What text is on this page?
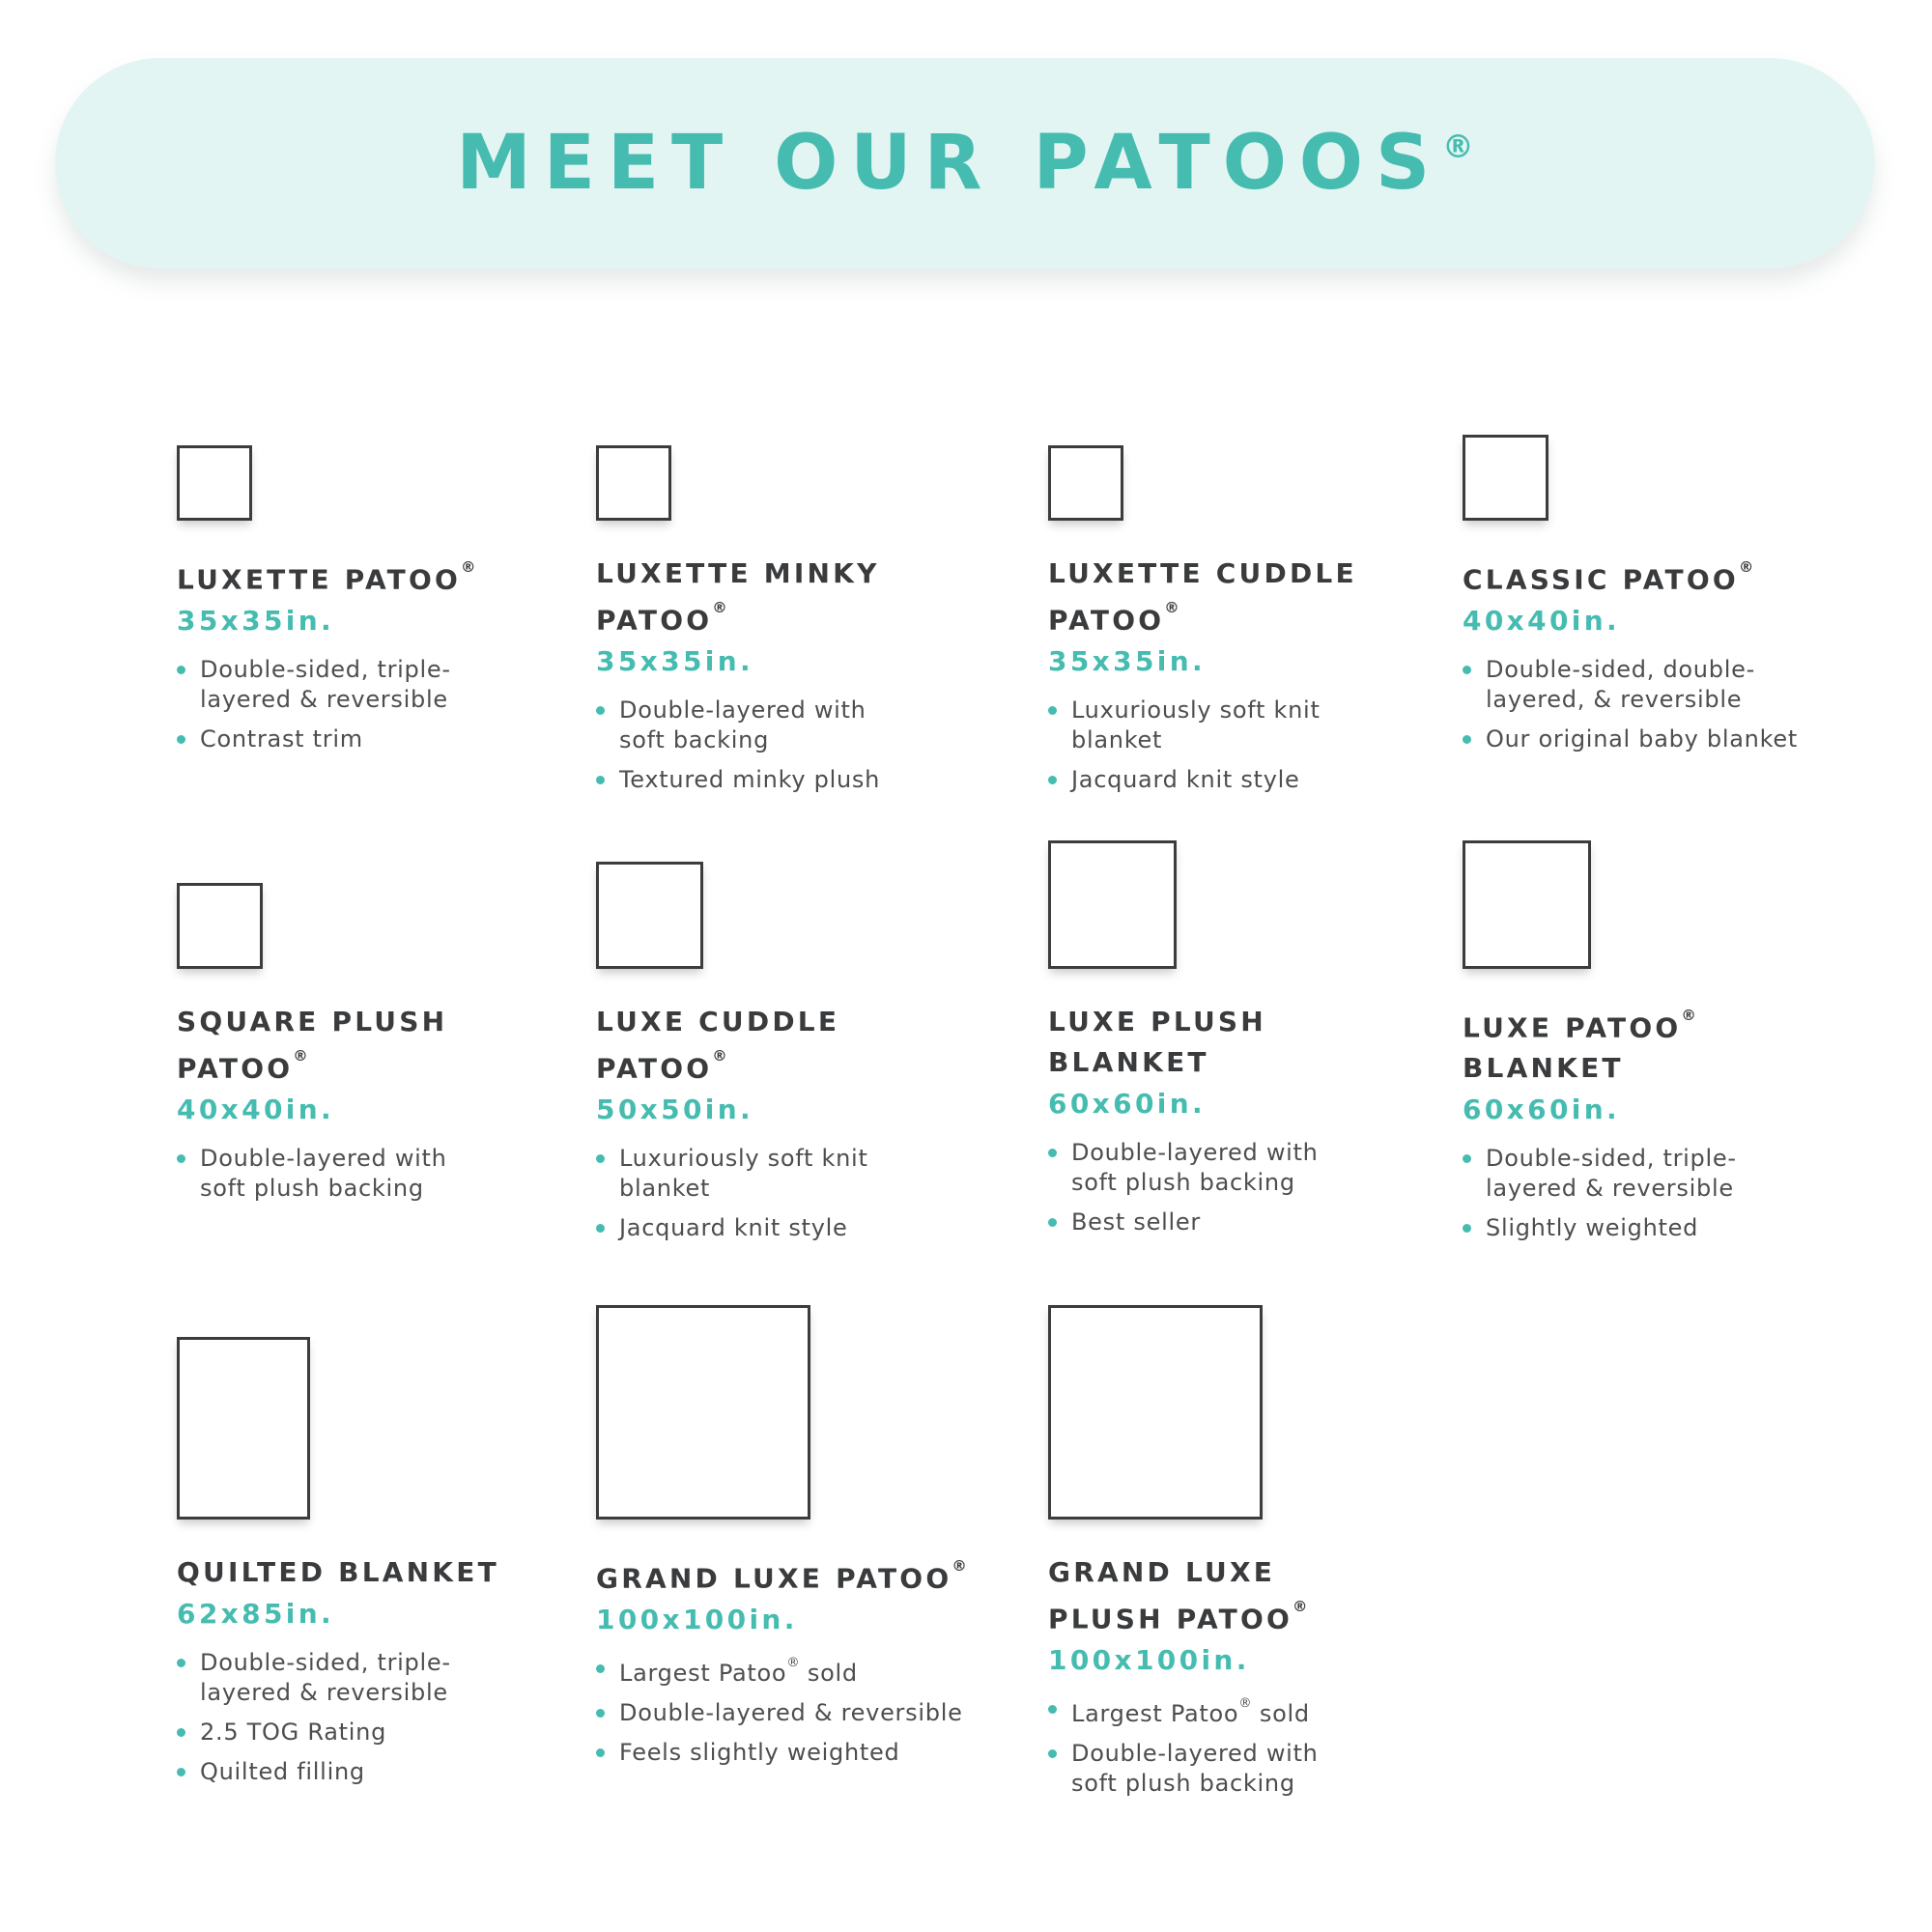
MEET OUR PATOOS®
LUXETTE PATOO®
35x35in.
Double-sided, triple-
layered & reversible
Contrast trim
LUXETTE MINKY
PATOO®
35x35in.
Double-layered with
soft backing
Textured minky plush
LUXETTE CUDDLE
PATOO®
35x35in.
Luxuriously soft knit
blanket
Jacquard knit style
CLASSIC PATOO®
40x40in.
Double-sided, double-
layered, & reversible
Our original baby blanket
SQUARE PLUSH
PATOO®
40x40in.
Double-layered with
soft plush backing
LUXE CUDDLE
PATOO®
50x50in.
Luxuriously soft knit
blanket
Jacquard knit style
LUXE PLUSH
BLANKET
60x60in.
Double-layered with
soft plush backing
Best seller
LUXE PATOO®
BLANKET
60x60in.
Double-sided, triple-
layered & reversible
Slightly weighted
QUILTED BLANKET
62x85in.
Double-sided, triple-
layered & reversible
2.5 TOG Rating
Quilted filling
GRAND LUXE PATOO®
100x100in.
Largest Patoo® sold
Double-layered & reversible
Feels slightly weighted
GRAND LUXE
PLUSH PATOO®
100x100in.
Largest Patoo® sold
Double-layered with
soft plush backing
